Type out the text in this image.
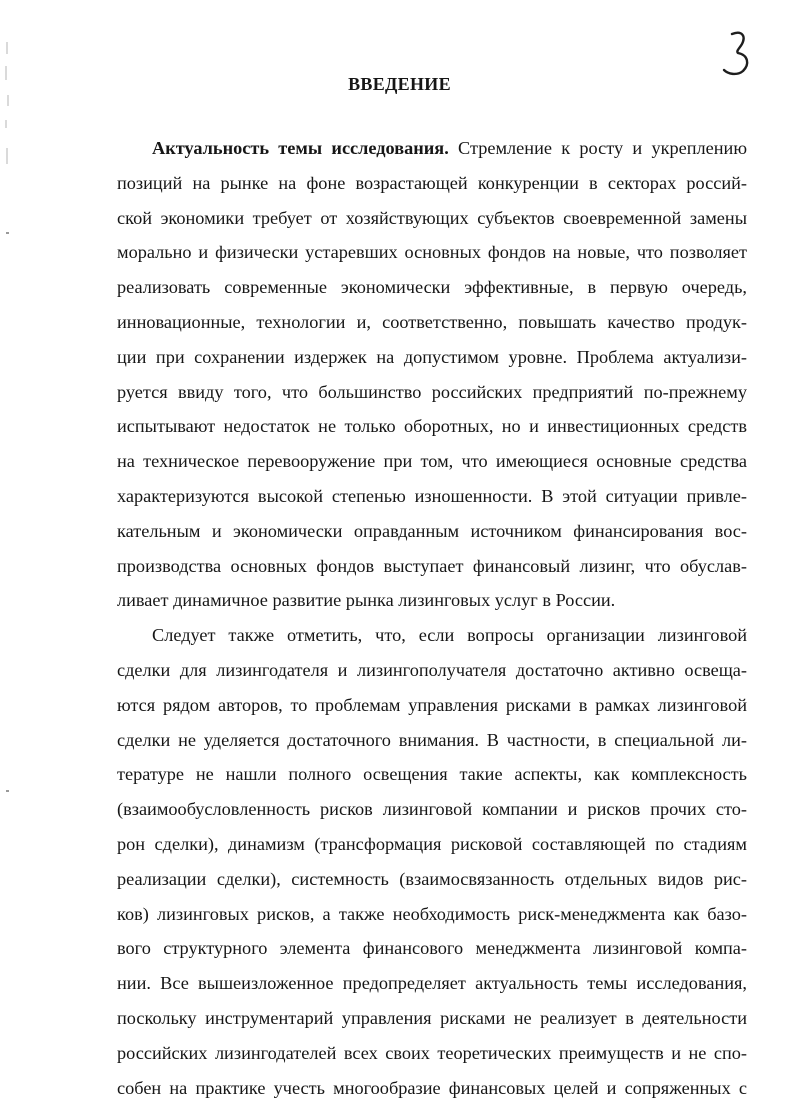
ВВЕДЕНИЕ
Актуальность темы исследования. Стремление к росту и укреплению
позиций на рынке на фоне возрастающей конкуренции в секторах россий-
ской экономики требует от хозяйствующих субъектов своевременной замены
морально и физически устаревших основных фондов на новые, что позволяет
реализовать современные экономически эффективные, в первую очередь,
инновационные, технологии и, соответственно, повышать качество продук-
ции при сохранении издержек на допустимом уровне. Проблема актуализи-
руется ввиду того, что большинство российских предприятий по-прежнему
испытывают недостаток не только оборотных, но и инвестиционных средств
на техническое перевооружение при том, что имеющиеся основные средства
характеризуются высокой степенью изношенности. В этой ситуации привле-
кательным и экономически оправданным источником финансирования вос-
производства основных фондов выступает финансовый лизинг, что обуслав-
ливает динамичное развитие рынка лизинговых услуг в России.
Следует также отметить, что, если вопросы организации лизинговой
сделки для лизингодателя и лизингополучателя достаточно активно освеща-
ются рядом авторов, то проблемам управления рисками в рамках лизинговой
сделки не уделяется достаточного внимания. В частности, в специальной ли-
тературе не нашли полного освещения такие аспекты, как комплексность
(взаимообусловленность рисков лизинговой компании и рисков прочих сто-
рон сделки), динамизм (трансформация рисковой составляющей по стадиям
реализации сделки), системность (взаимосвязанность отдельных видов рис-
ков) лизинговых рисков, а также необходимость риск-менеджмента как базо-
вого структурного элемента финансового менеджмента лизинговой компа-
нии. Все вышеизложенное предопределяет актуальность темы исследования,
поскольку инструментарий управления рисками не реализует в деятельности
российских лизингодателей всех своих теоретических преимуществ и не спо-
собен на практике учесть многообразие финансовых целей и сопряженных с
